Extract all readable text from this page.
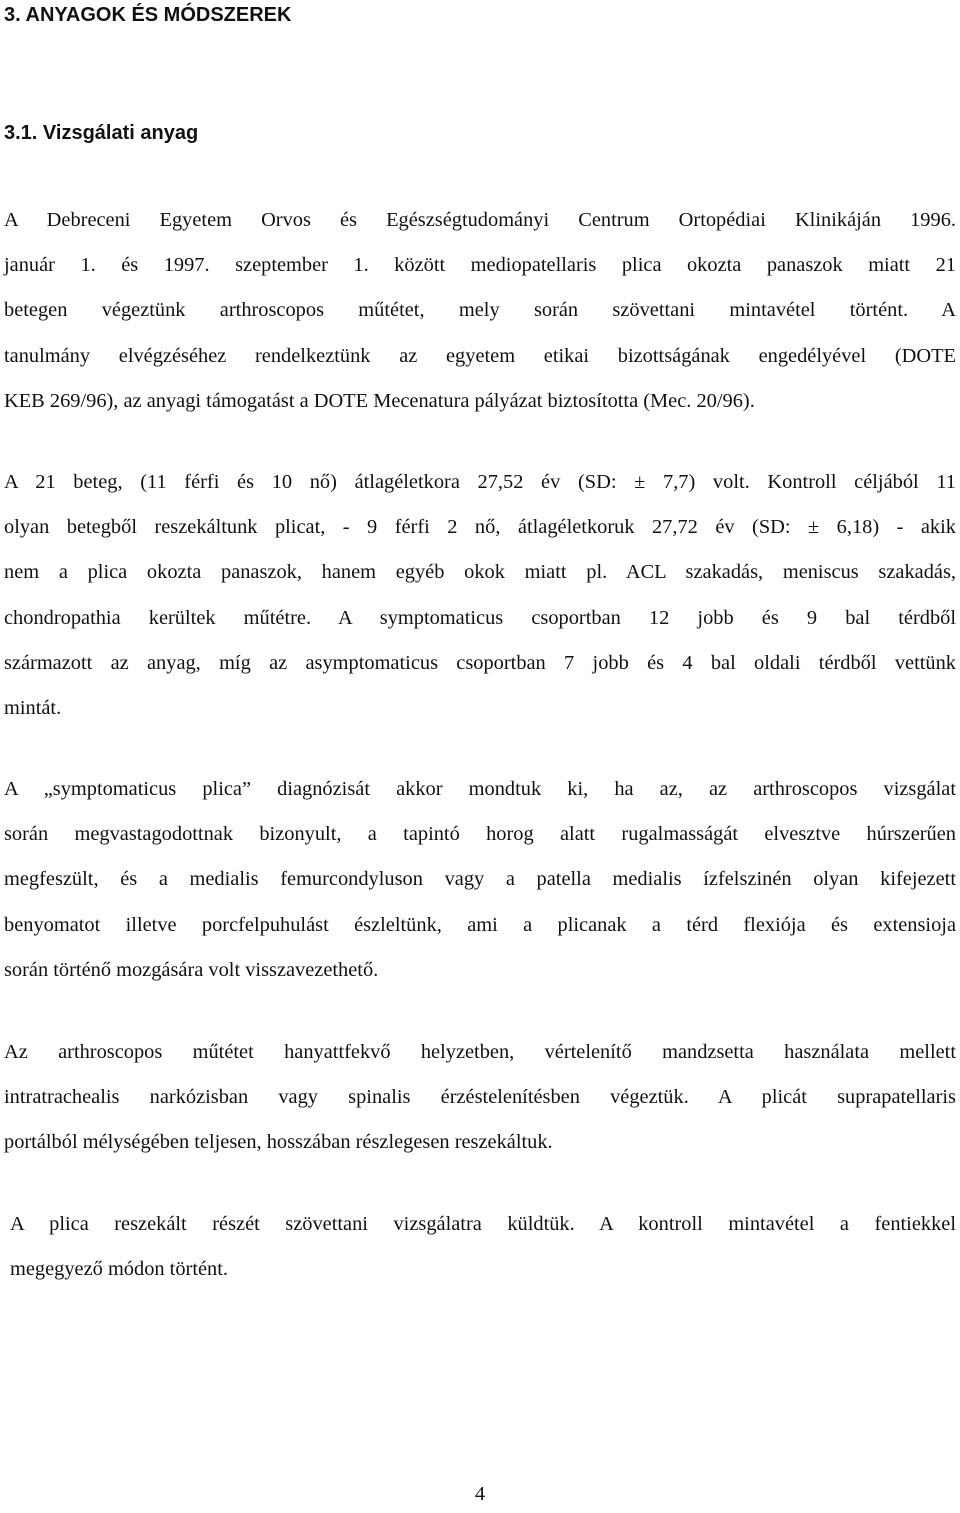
3. ANYAGOK ÉS MÓDSZEREK
3.1. Vizsgálati anyag

A Debreceni Egyetem Orvos és Egészségtudományi Centrum Ortopédiai Klinikáján 1996.
január 1. és 1997. szeptember 1. között mediopatellaris plica okozta panaszok miatt 21
betegen végeztünk arthroscopos műtétet, mely során szövettani mintavétel történt. A
tanulmány elvégzéséhez rendelkeztünk az egyetem etikai bizottságának engedélyével (DOTE
KEB 269/96), az anyagi támogatást a DOTE Mecenatura pályázat biztosította (Mec. 20/96).

A 21 beteg, (11 férfi és 10 nő) átlagéletkora 27,52 év (SD: ± 7,7) volt. Kontroll céljából 11
olyan betegből reszekáltunk plicat, - 9 férfi 2 nő, átlagéletkoruk 27,72 év (SD: ± 6,18) - akik
nem a plica okozta panaszok, hanem egyéb okok miatt pl. ACL szakadás, meniscus szakadás,
chondropathia kerültek műtétre. A symptomaticus csoportban 12 jobb és 9 bal térdből
származott az anyag, míg az asymptomaticus csoportban 7 jobb és 4 bal oldali térdből vettünk
mintát.

A „symptomaticus plica” diagnózisát akkor mondtuk ki, ha az, az arthroscopos vizsgálat
során megvastagodottnak bizonyult, a tapintó horog alatt rugalmasságát elvesztve húrszerűen
megfeszült, és a medialis femurcondyluson vagy a patella medialis ízfelszinén olyan kifejezett
benyomatot illetve porcfelpuhulást észleltünk, ami a plicanak a térd flexiója és extensioja
során történő mozgására volt visszavezethető.

Az arthroscopos műtétet hanyattfekvő helyzetben, vértelenítő mandzsetta használata mellett
intratrachealis narkózisban vagy spinalis érzéstelenítésben végeztük. A plicát suprapatellaris
portálból mélységében teljesen, hosszában részlegesen reszekáltuk.

A plica reszekált részét szövettani vizsgálatra küldtük. A kontroll mintavétel a fentiekkel
megegyező módon történt.

4
